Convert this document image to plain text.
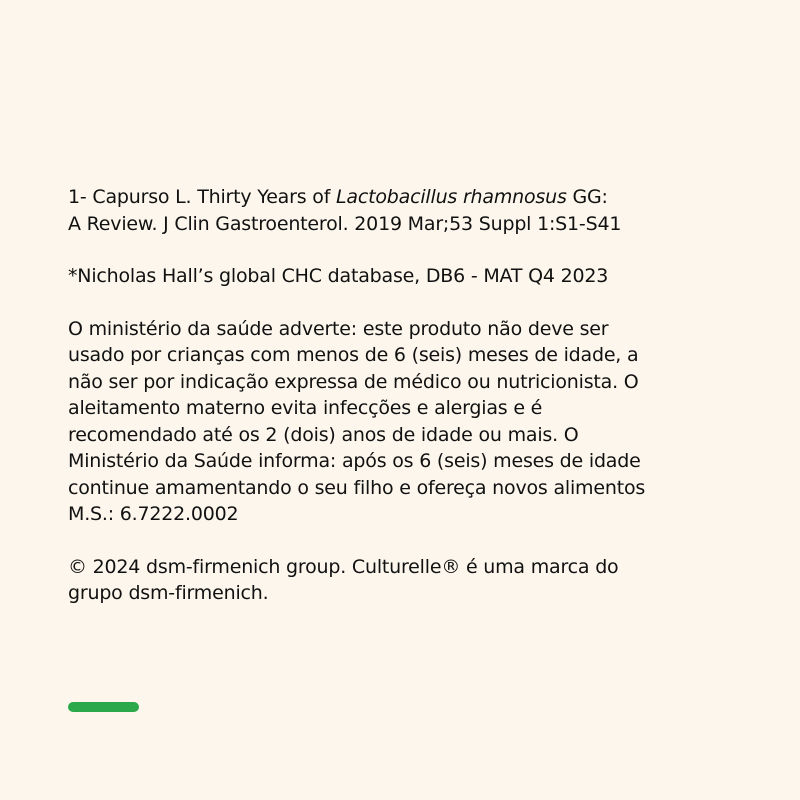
1- Capurso L. Thirty Years of Lactobacillus rhamnosus GG:
A Review. J Clin Gastroenterol. 2019 Mar;53 Suppl 1:S1-S41

*Nicholas Hall’s global CHC database, DB6 - MAT Q4 2023

O ministério da saúde adverte: este produto não deve ser
usado por crianças com menos de 6 (seis) meses de idade, a
não ser por indicação expressa de médico ou nutricionista. O
aleitamento materno evita infecções e alergias e é
recomendado até os 2 (dois) anos de idade ou mais. O
Ministério da Saúde informa: após os 6 (seis) meses de idade
continue amamentando o seu filho e ofereça novos alimentos
M.S.: 6.7222.0002

© 2024 dsm-firmenich group. Culturelle® é uma marca do
grupo dsm-firmenich.
